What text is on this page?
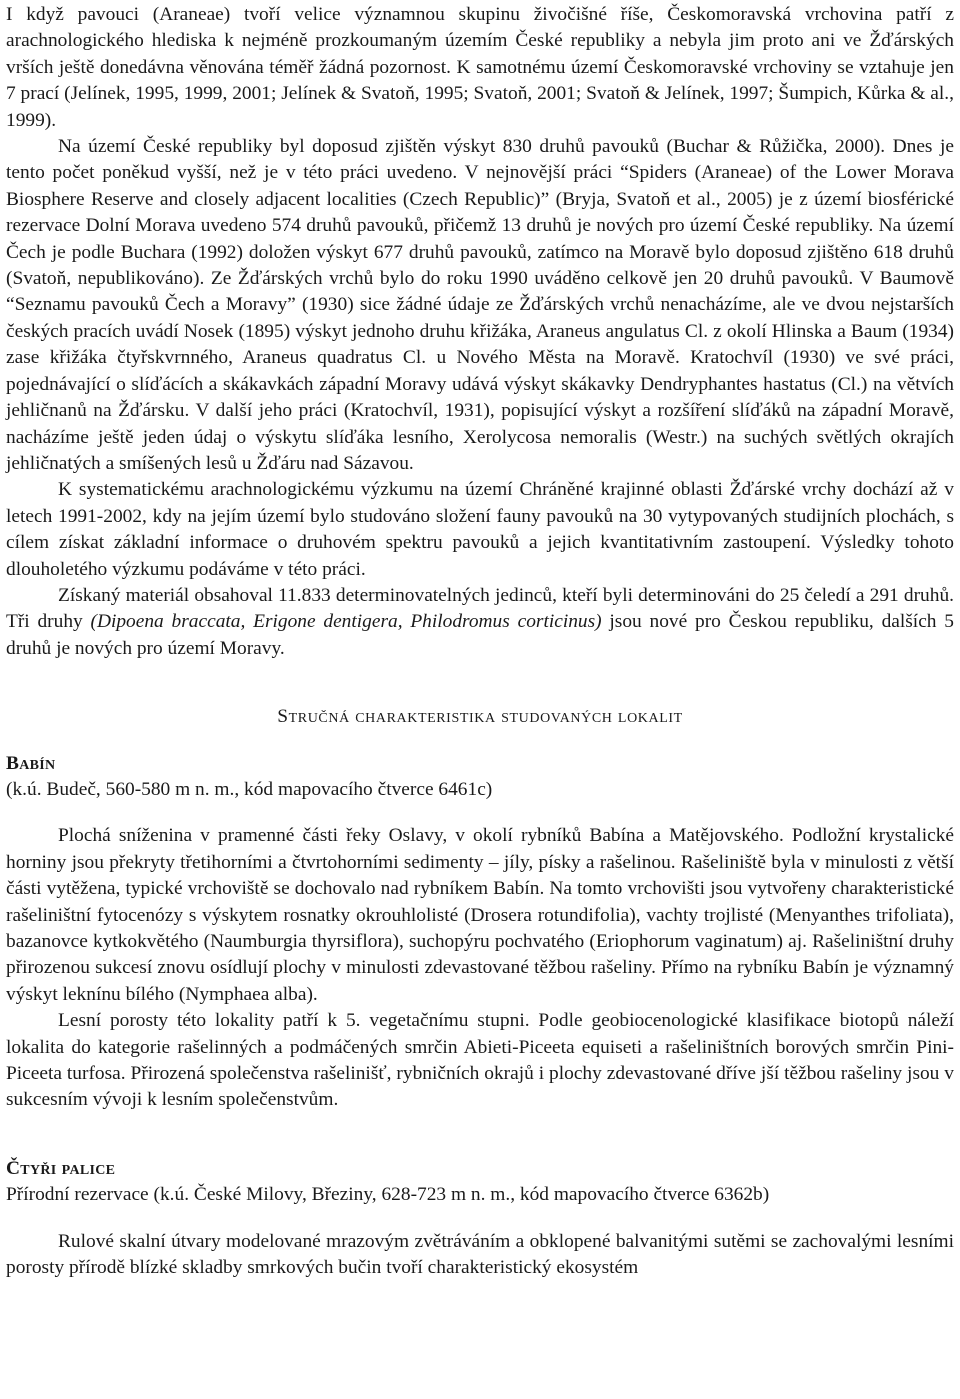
I když pavouci (Araneae) tvoří velice významnou skupinu živočišné říše, Českomoravská vrchovina patří z arachnologického hlediska k nejméně prozkoumaným územím České republiky a nebyla jim proto ani ve Žďárských vrších ještě donedávna věnována téměř žádná pozornost. K samotnému území Českomoravské vrchoviny se vztahuje jen 7 prací (Jelínek, 1995, 1999, 2001; Jelínek & Svatoň, 1995; Svatoň, 2001; Svatoň & Jelínek, 1997; Šumpich, Kůrka & al., 1999).

Na území České republiky byl doposud zjištěn výskyt 830 druhů pavouků (Buchar & Růžička, 2000). Dnes je tento počet poněkud vyšší, než je v této práci uvedeno. V nejnovější práci “Spiders (Araneae) of the Lower Morava Biosphere Reserve and closely adjacent localities (Czech Republic)” (Bryja, Svatoň et al., 2005) je z území biosférické rezervace Dolní Morava uvedeno 574 druhů pavouků, přičemž 13 druhů je nových pro území České republiky. Na území Čech je podle Buchara (1992) doložen výskyt 677 druhů pavouků, zatímco na Moravě bylo doposud zjištěno 618 druhů (Svatoň, nepublikováno). Ze Žďárských vrchů bylo do roku 1990 uváděno celkově jen 20 druhů pavouků. V Baumově “Seznamu pavouků Čech a Moravy” (1930) sice žádné údaje ze Žďárských vrchů nenacházíme, ale ve dvou nejstarších českých pracích uvádí Nosek (1895) výskyt jednoho druhu křižáka, Araneus angulatus Cl. z okolí Hlinska a Baum (1934) zase křižáka čtyřskvrnného, Araneus quadratus Cl. u Nového Města na Moravě. Kratochvíl (1930) ve své práci, pojednávající o slíďácích a skákavkách západní Moravy udává výskyt skákavky Dendryphantes hastatus (Cl.) na větvích jehličnanů na Žďársku. V další jeho práci (Kratochvíl, 1931), popisující výskyt a rozšíření slíďáků na západní Moravě, nacházíme ještě jeden údaj o výskytu slíďáka lesního, Xerolycosa nemoralis (Westr.) na suchých světlých okrajích jehličnatých a smíšených lesů u Žďáru nad Sázavou.

K systematickému arachnologickému výzkumu na území Chráněné krajinné oblasti Žďárské vrchy dochází až v letech 1991-2002, kdy na jejím území bylo studováno složení fauny pavouků na 30 vytypovaných studijních plochách, s cílem získat základní informace o druhovém spektru pavouků a jejich kvantitativním zastoupení. Výsledky tohoto dlouholetého výzkumu podáváme v této práci.

Získaný materiál obsahoval 11.833 determinovatelných jedinců, kteří byli determinováni do 25 čeledí a 291 druhů. Tři druhy (Dipoena braccata, Erigone dentigera, Philodromus corticinus) jsou nové pro Českou republiku, dalších 5 druhů je nových pro území Moravy.

Stručná charakteristika studovaných lokalit

Babín

(k.ú. Budeč, 560-580 m n. m., kód mapovacího čtverce 6461c)

Plochá sníženina v pramenné části řeky Oslavy, v okolí rybníků Babína a Matějovského. Podložní krystalické horniny jsou překryty třetihorními a čtvrtohorními sedimenty – jíly, písky a rašelinou. Rašeliniště byla v minulosti z větší části vytěžena, typické vrchoviště se dochovalo nad rybníkem Babín. Na tomto vrchovišti jsou vytvořeny charakteristické rašeliništní fytocenózy s výskytem rosnatky okrouhlolisté (Drosera rotundifolia), vachty trojlisté (Menyanthes trifoliata), bazanovce kytkokvětého (Naumburgia thyrsiflora), suchopýru pochvatého (Eriophorum vaginatum) aj. Rašeliništní druhy přirozenou sukcesí znovu osídlují plochy v minulosti zdevastované těžbou rašeliny. Přímo na rybníku Babín je významný výskyt leknínu bílého (Nymphaea alba).

Lesní porosty této lokality patří k 5. vegetačnímu stupni. Podle geobiocenologické klasifikace biotopů náleží lokalita do kategorie rašelinných a podmáčených smrčin Abieti-Piceeta equiseti a rašeliništních borových smrčin Pini-Piceeta turfosa. Přirozená společenstva rašelinišť, rybničních okrajů i plochy zdevastované dříve jší těžbou rašeliny jsou v sukcesním vývoji k lesním společenstvům.

Čtyři palice

Přírodní rezervace (k.ú. České Milovy, Březiny, 628-723 m n. m., kód mapovacího čtverce 6362b)

Rulové skalní útvary modelované mrazovým zvětráváním a obklopené balvanitými sutěmi se zachovalými lesními porosty přírodě blízké skladby smrkových bučin tvoří charakteristický ekosystém
